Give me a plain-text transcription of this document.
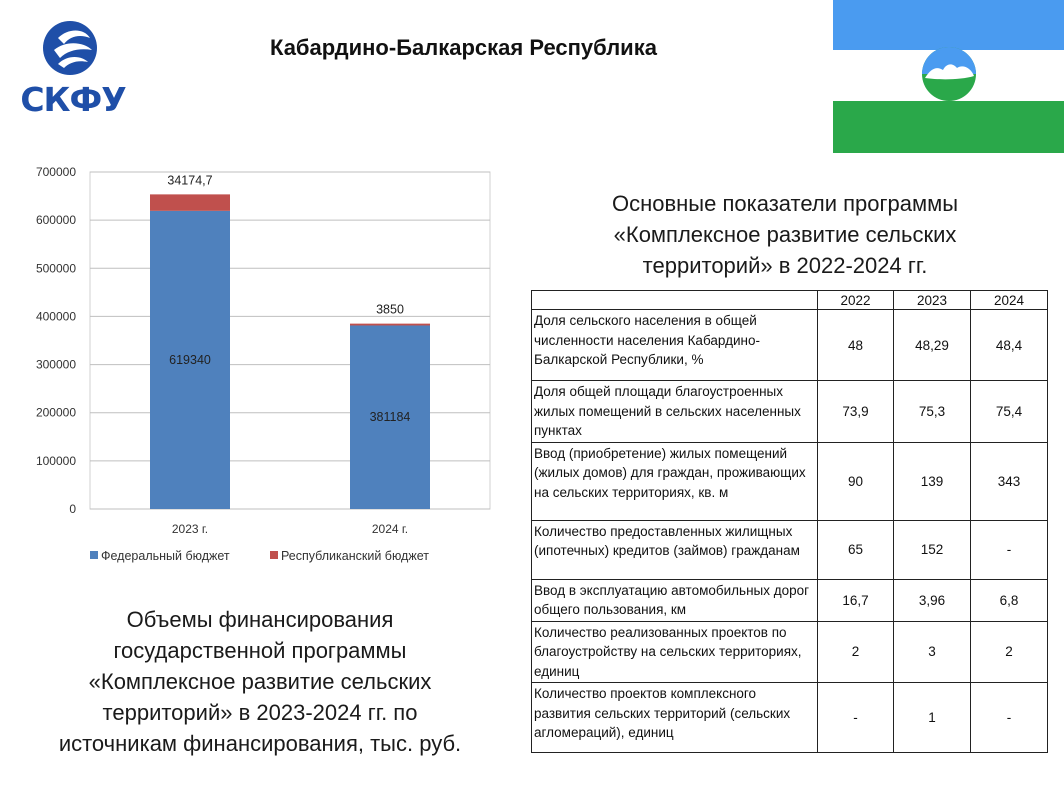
СКФУ
Кабардино-Балкарская Республика
0
100000
200000
300000
400000
500000
600000
700000
619340
34174,7
2023 г.
381184
3850
2024 г.
Федеральный бюджет	Республиканский бюджет
Объемы финансирования
государственной программы
«Комплексное развитие сельских
территорий» в 2023-2024 гг. по
источникам финансирования, тыс. руб.
Основные показатели программы
«Комплексное развитие сельских
территорий» в 2022-2024 гг.
	2022	2023	2024
Доля сельского населения в общей численности населения Кабардино-Балкарской Республики, %	48	48,29	48,4
Доля общей площади благоустроенных жилых помещений в сельских населенных пунктах	73,9	75,3	75,4
Ввод (приобретение) жилых помещений (жилых домов) для граждан, проживающих на сельских территориях, кв. м	90	139	343
Количество предоставленных жилищных (ипотечных) кредитов (займов) гражданам	65	152	-
Ввод в эксплуатацию автомобильных дорог общего пользования, км	16,7	3,96	6,8
Количество реализованных проектов по благоустройству на сельских территориях, единиц	2	3	2
Количество проектов комплексного развития сельских территорий (сельских агломераций), единиц	-	1	-
